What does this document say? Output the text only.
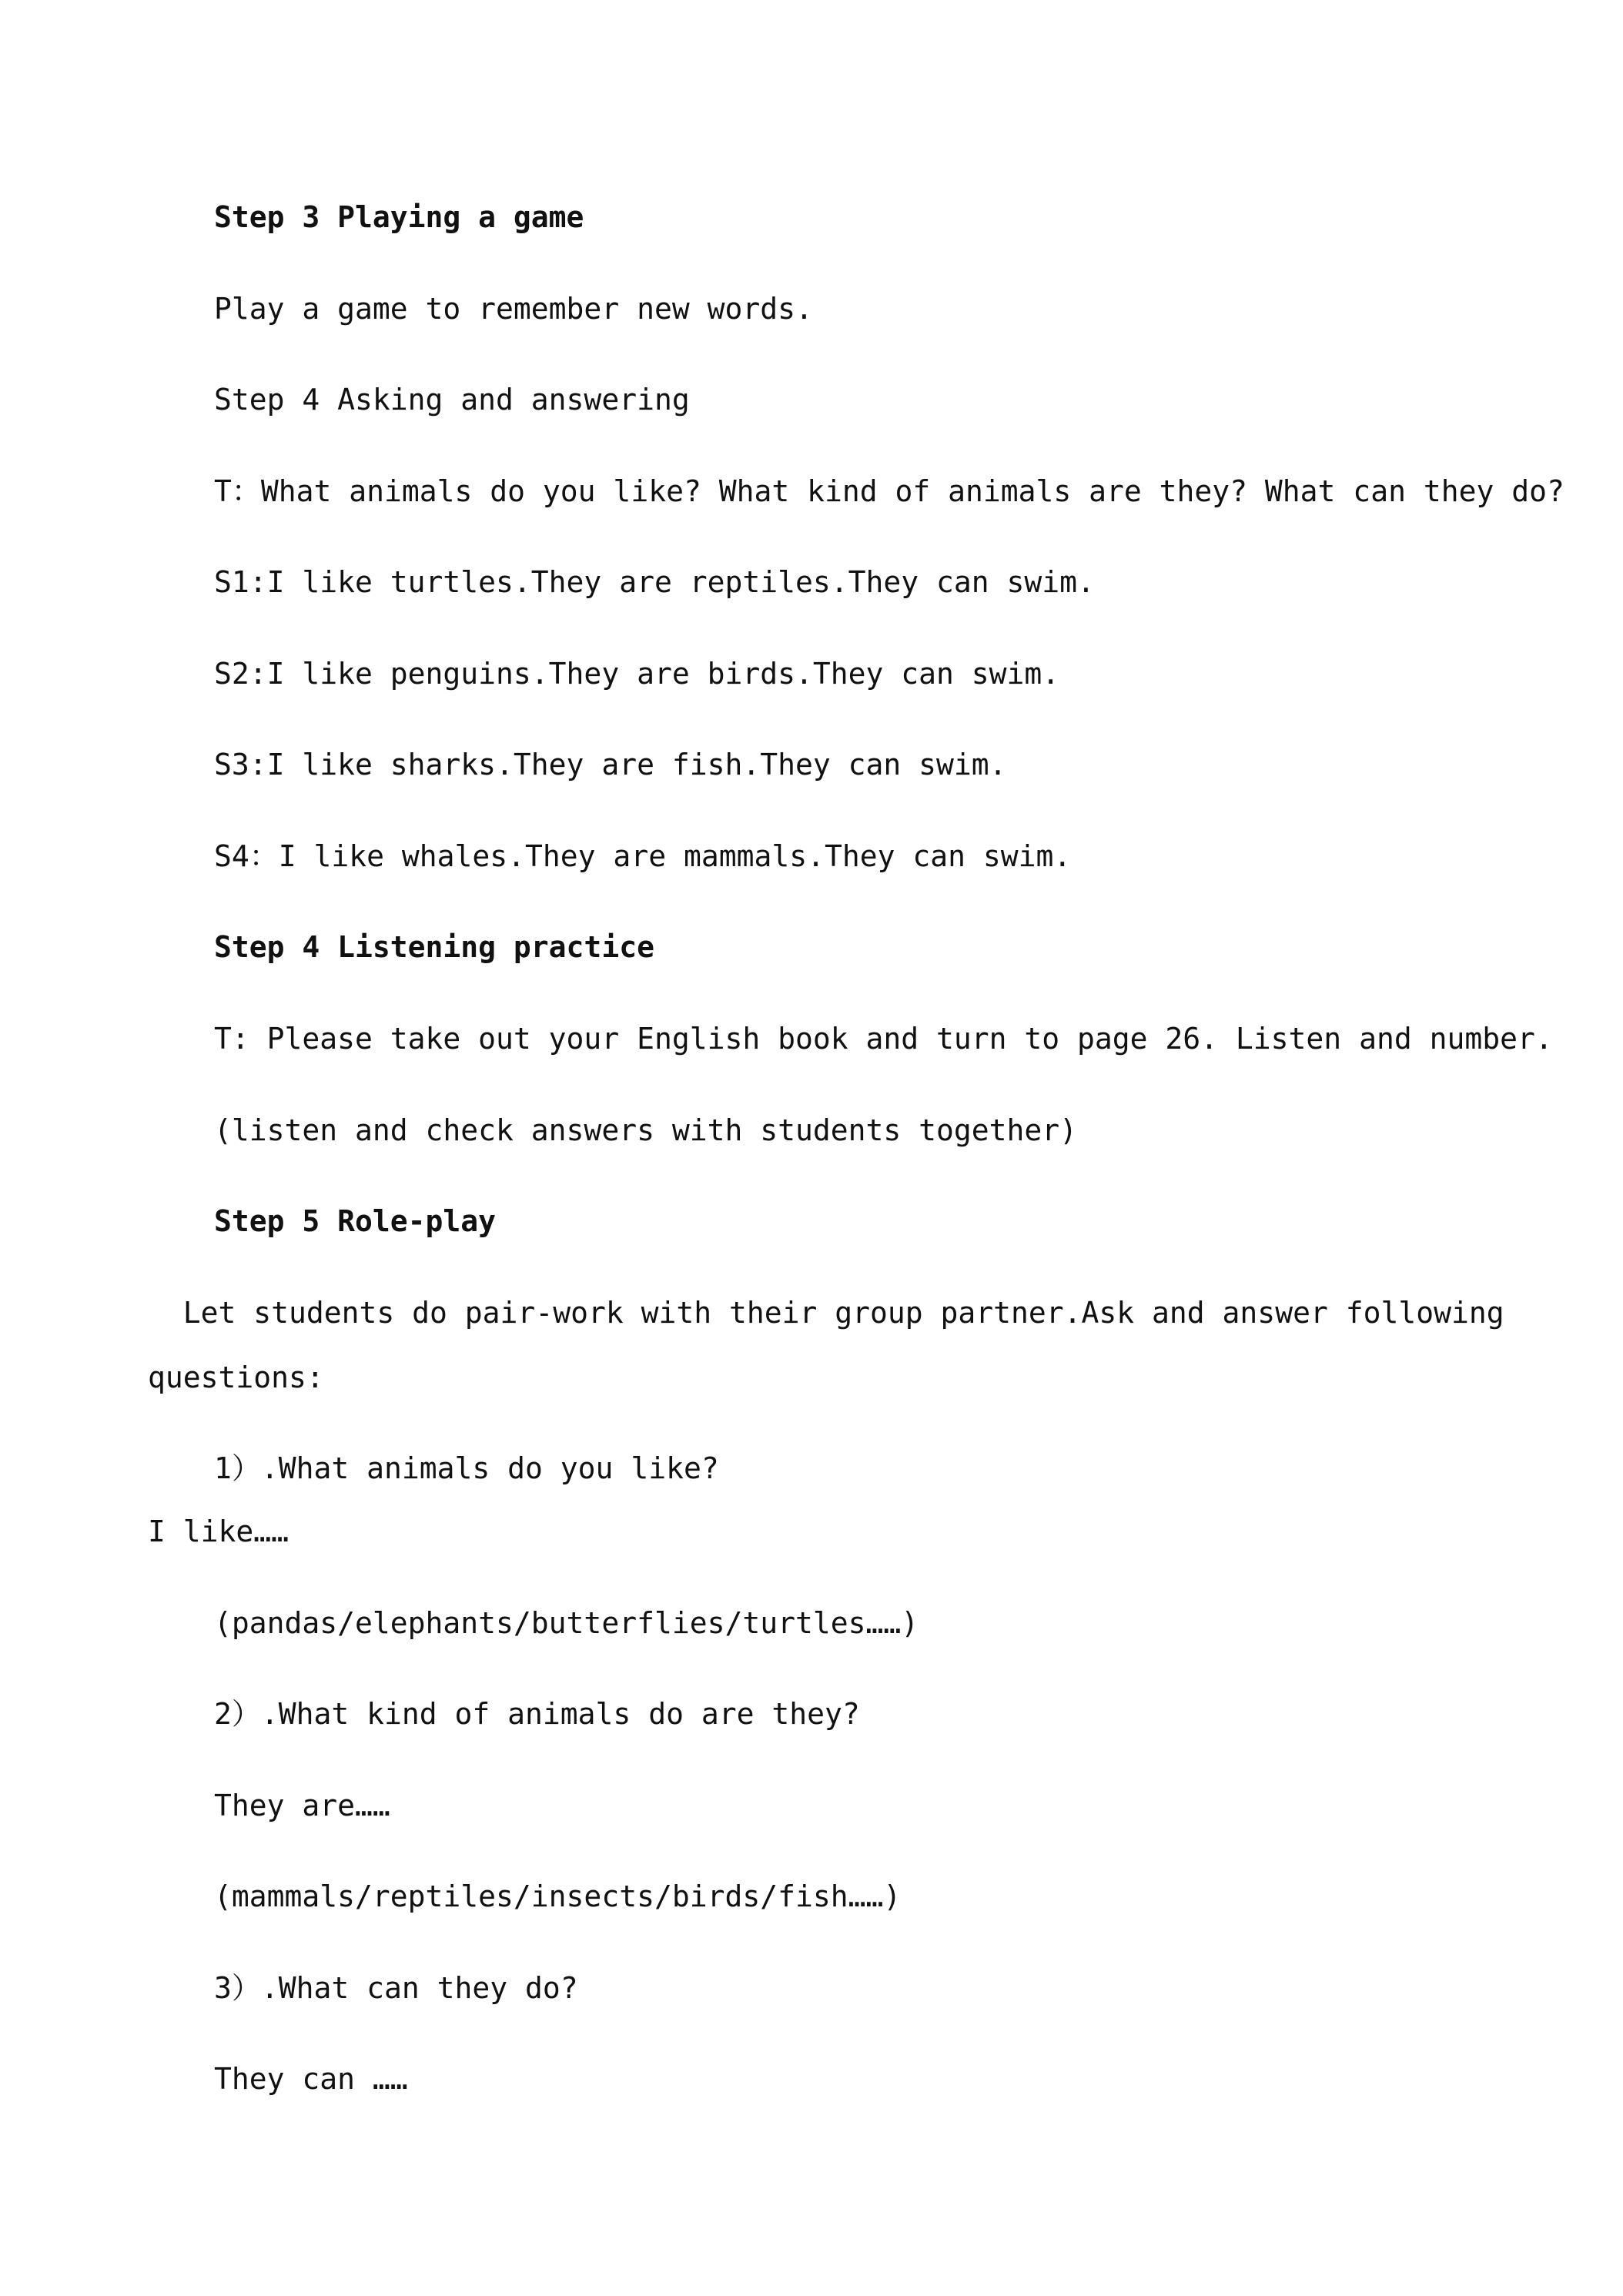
Step 3 Playing a game
Play a game to remember new words.
Step 4 Asking and answering
T：What animals do you like? What kind of animals are they? What can they do?
S1:I like turtles.They are reptiles.They can swim.
S2:I like penguins.They are birds.They can swim.
S3:I like sharks.They are fish.They can swim.
S4：I like whales.They are mammals.They can swim.
Step 4 Listening practice
T: Please take out your English book and turn to page 26. Listen and number.
(listen and check answers with students together)
Step 5 Role-play
Let students do pair-work with their group partner.Ask and answer following
questions:
1）.What animals do you like?
I like……
(pandas/elephants/butterflies/turtles……)
2）.What kind of animals do are they?
They are……
(mammals/reptiles/insects/birds/fish……)
3）.What can they do?
They can ……
